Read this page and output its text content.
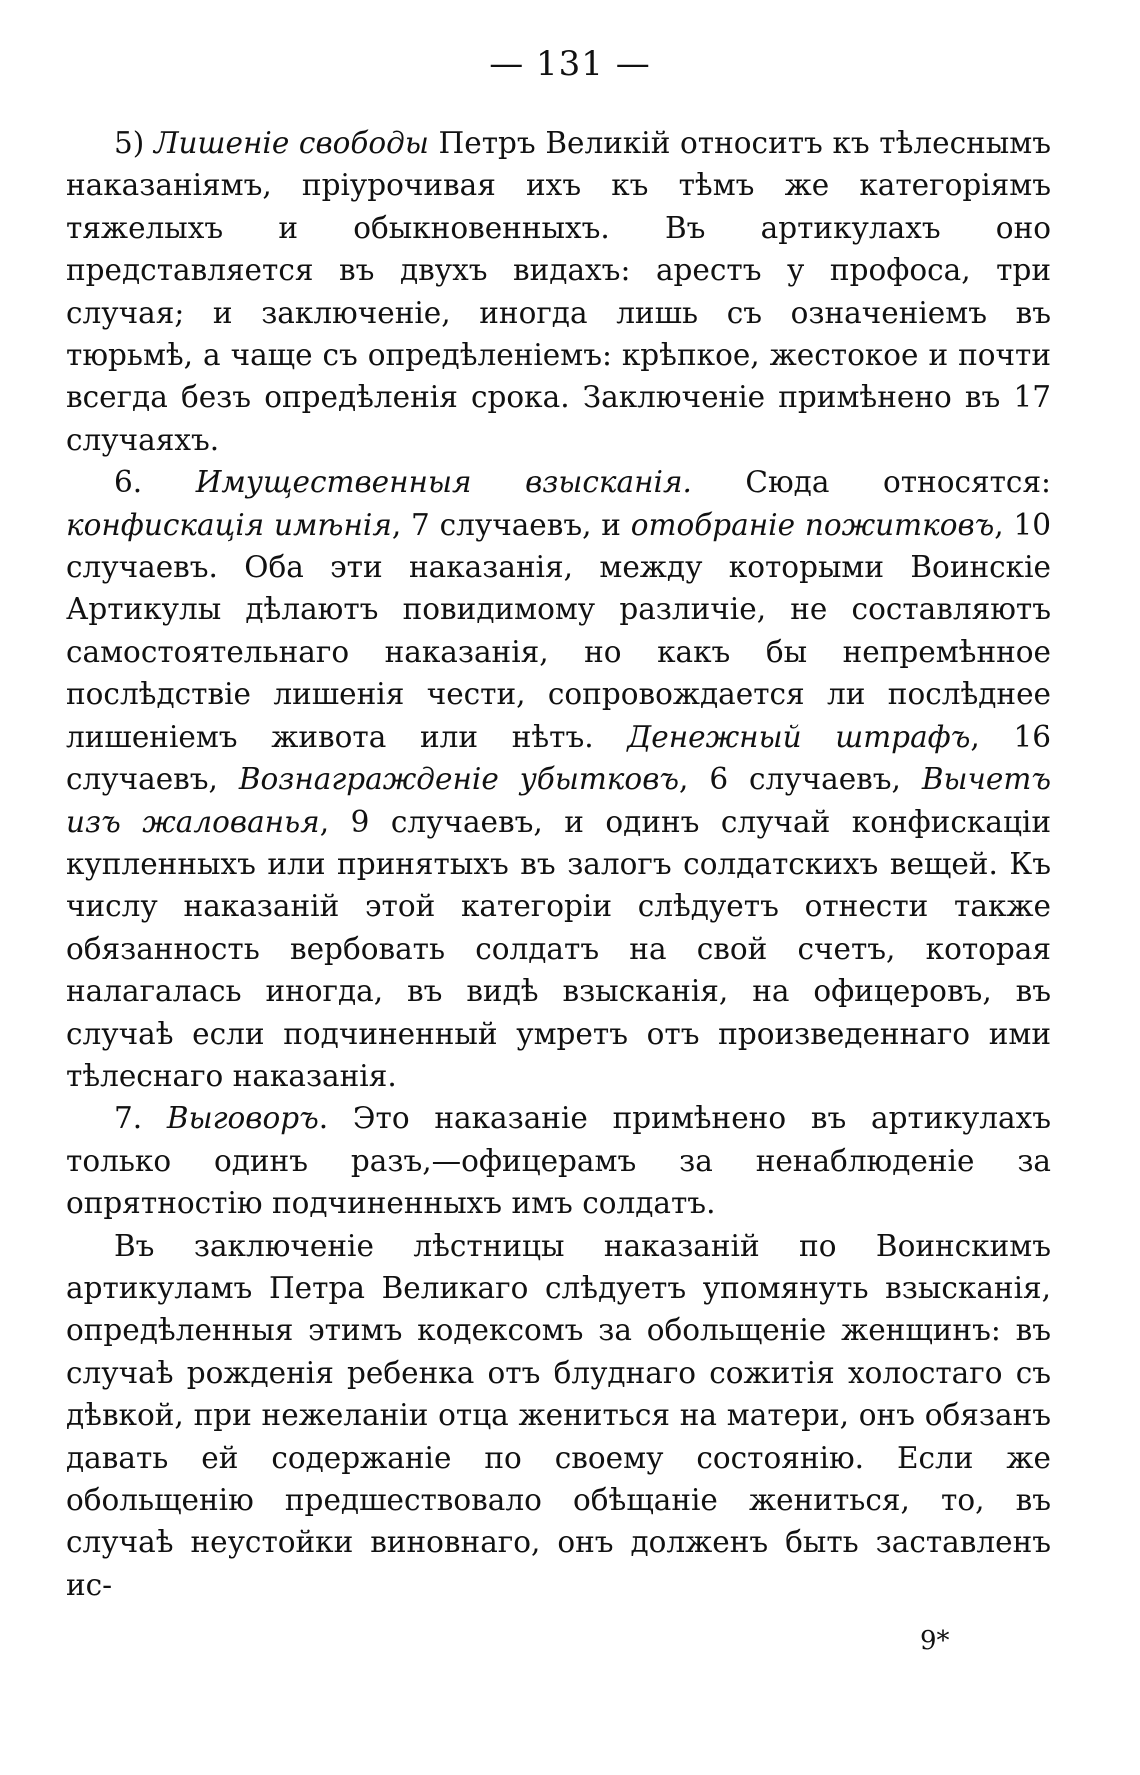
— 131 —

5) Лишеніе свободы Петръ Великій относитъ къ тѣлеснымъ наказаніямъ, пріурочивая ихъ къ тѣмъ же категоріямъ тяжелыхъ и обыкновенныхъ. Въ артикулахъ оно представляется въ двухъ видахъ: арестъ у профоса, три случая; и заключеніе, иногда лишь съ означеніемъ въ тюрьмѣ, а чаще съ опредѣленіемъ: крѣпкое, жестокое и почти всегда безъ опредѣленія срока. Заключеніе примѣнено въ 17 случаяхъ.

6. Имущественныя взысканія. Сюда относятся: конфискація имѣнія, 7 случаевъ, и отобраніе пожитковъ, 10 случаевъ. Оба эти наказанія, между которыми Воинскіе Артикулы дѣлаютъ повидимому различіе, не составляютъ самостоятельнаго наказанія, но какъ бы непремѣнное послѣдствіе лишенія чести, сопровождается ли послѣднее лишеніемъ живота или нѣтъ. Денежный штрафъ, 16 случаевъ, Вознагражденіе убытковъ, 6 случаевъ, Вычетъ изъ жалованья, 9 случаевъ, и одинъ случай конфискаціи купленныхъ или принятыхъ въ залогъ солдатскихъ вещей. Къ числу наказаній этой категоріи слѣдуетъ отнести также обязанность вербовать солдатъ на свой счетъ, которая налагалась иногда, въ видѣ взысканія, на офицеровъ, въ случаѣ если подчиненный умретъ отъ произведеннаго ими тѣлеснаго наказанія.

7. Выговоръ. Это наказаніе примѣнено въ артикулахъ только одинъ разъ,—офицерамъ за ненаблюденіе за опрятностію подчиненныхъ имъ солдатъ.

Въ заключеніе лѣстницы наказаній по Воинскимъ артикуламъ Петра Великаго слѣдуетъ упомянуть взысканія, опредѣленныя этимъ кодексомъ за обольщеніе женщинъ: въ случаѣ рожденія ребенка отъ блуднаго сожитія холостаго съ дѣвкой, при нежеланіи отца жениться на матери, онъ обязанъ давать ей содержаніе по своему состоянію. Если же обольщенію предшествовало обѣщаніе жениться, то, въ случаѣ неустойки виновнаго, онъ долженъ быть заставленъ ис-

9*
